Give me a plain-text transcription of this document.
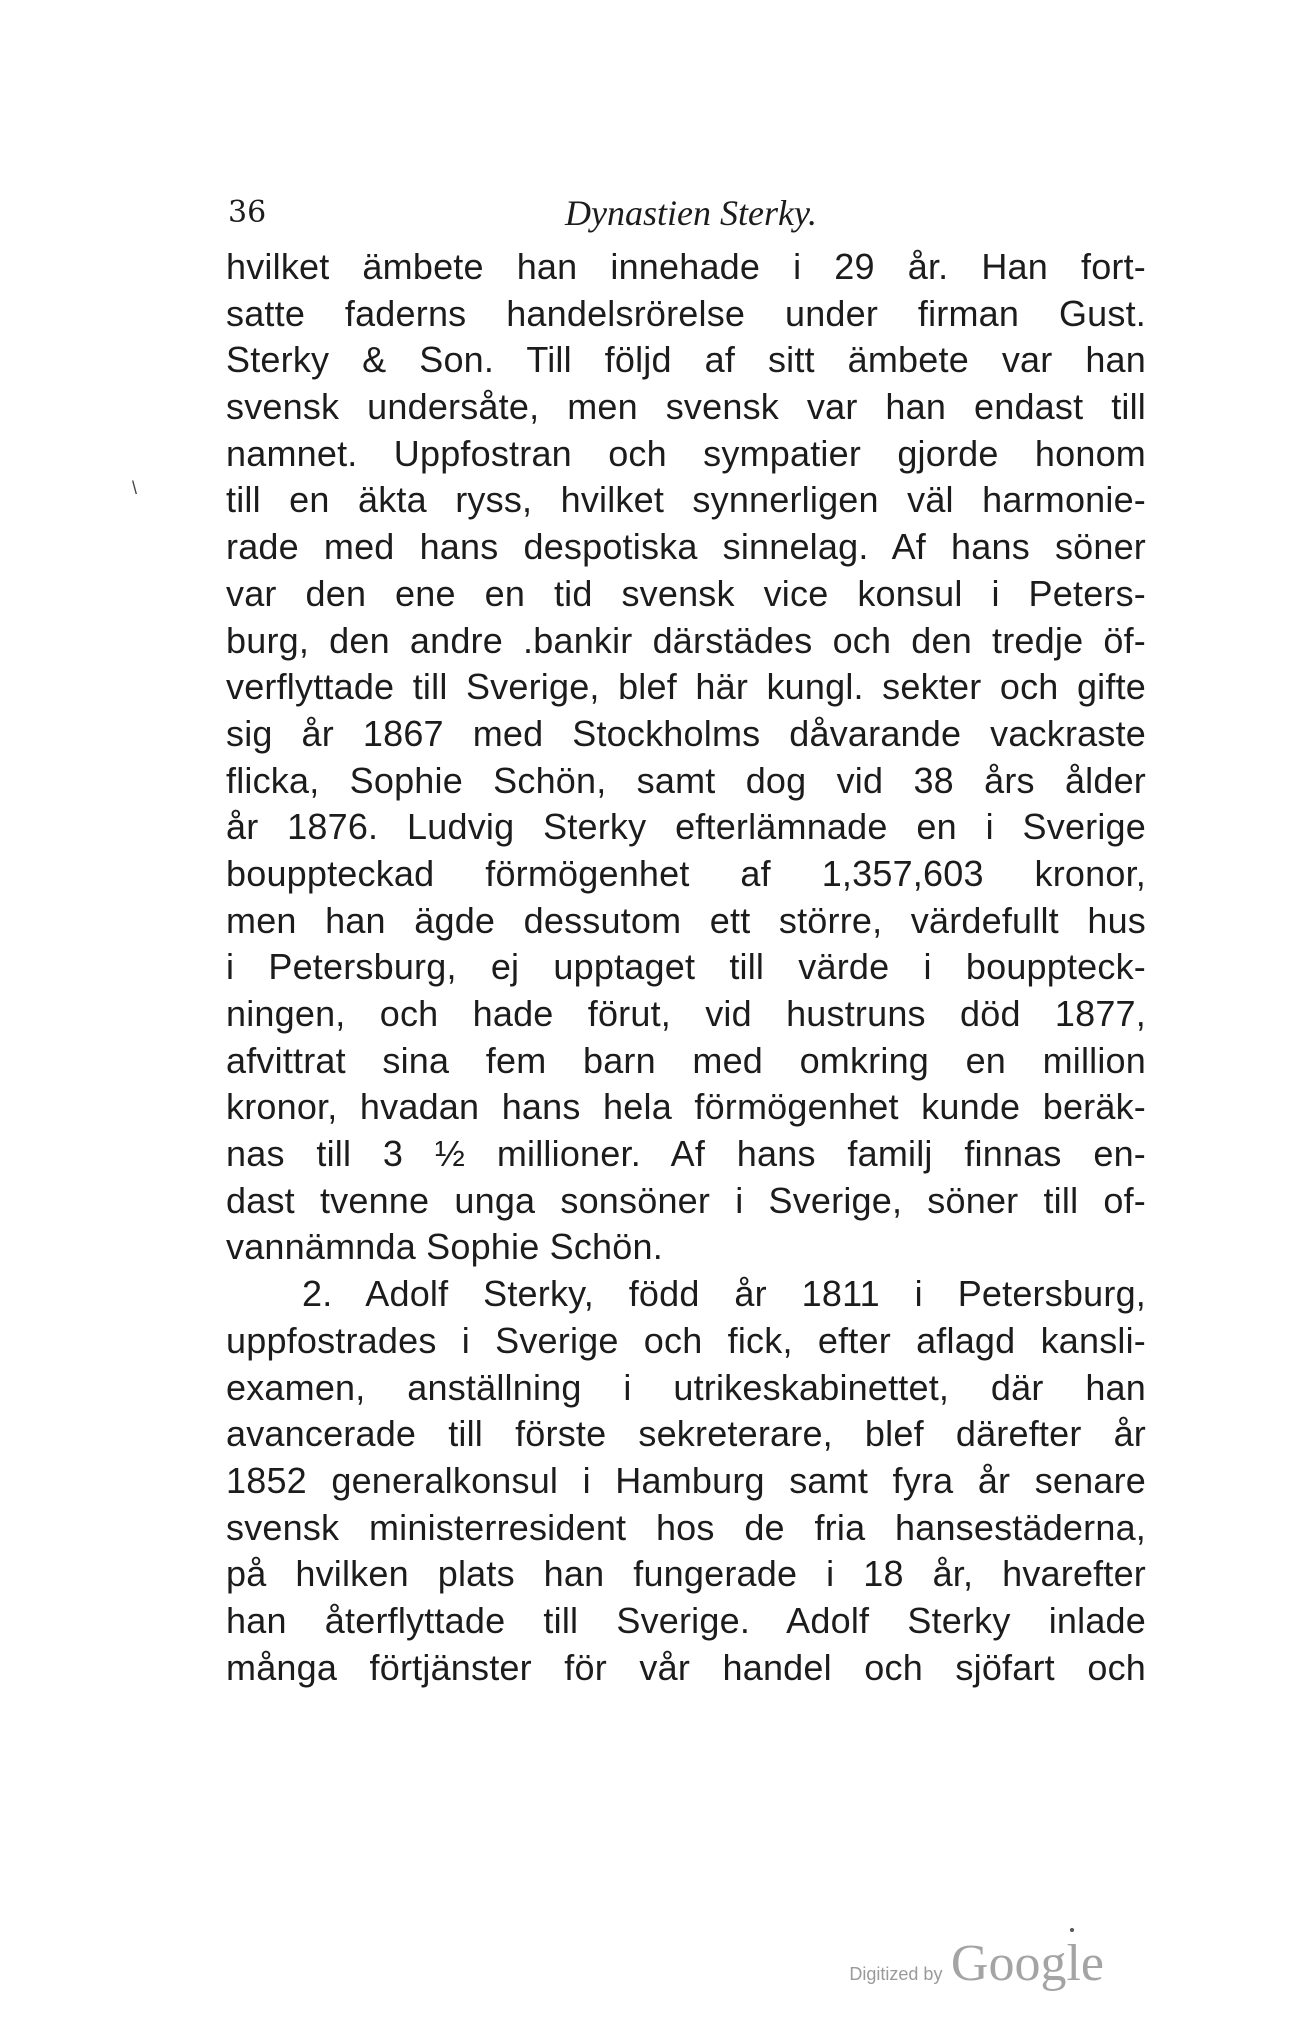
36	Dynastien Sterky.
\
hvilket ämbete han innehade i 29 år. Han fort-
satte faderns handelsrörelse under firman Gust.
Sterky & Son. Till följd af sitt ämbete var han
svensk undersåte, men svensk var han endast till
namnet. Uppfostran och sympatier gjorde honom
till en äkta ryss, hvilket synnerligen väl harmonie-
rade med hans despotiska sinnelag. Af hans söner
var den ene en tid svensk vice konsul i Peters-
burg, den andre .bankir därstädes och den tredje öf-
verflyttade till Sverige, blef här kungl. sekter och gifte
sig år 1867 med Stockholms dåvarande vackraste
flicka, Sophie Schön, samt dog vid 38 års ålder
år 1876. Ludvig Sterky efterlämnade en i Sverige
bouppteckad förmögenhet af 1,357,603 kronor,
men han ägde dessutom ett större, värdefullt hus
i Petersburg, ej upptaget till värde i bouppteck-
ningen, och hade förut, vid hustruns död 1877,
afvittrat sina fem barn med omkring en million
kronor, hvadan hans hela förmögenhet kunde beräk-
nas till 3 ½ millioner. Af hans familj finnas en-
dast tvenne unga sonsöner i Sverige, söner till of-
vannämnda Sophie Schön.
2. Adolf Sterky, född år 1811 i Petersburg,
uppfostrades i Sverige och fick, efter aflagd kansli-
examen, anställning i utrikeskabinettet, där han
avancerade till förste sekreterare, blef därefter år
1852 generalkonsul i Hamburg samt fyra år senare
svensk ministerresident hos de fria hansestäderna,
på hvilken plats han fungerade i 18 år, hvarefter
han återflyttade till Sverige. Adolf Sterky inlade
många förtjänster för vår handel och sjöfart och
Digitized by Google
